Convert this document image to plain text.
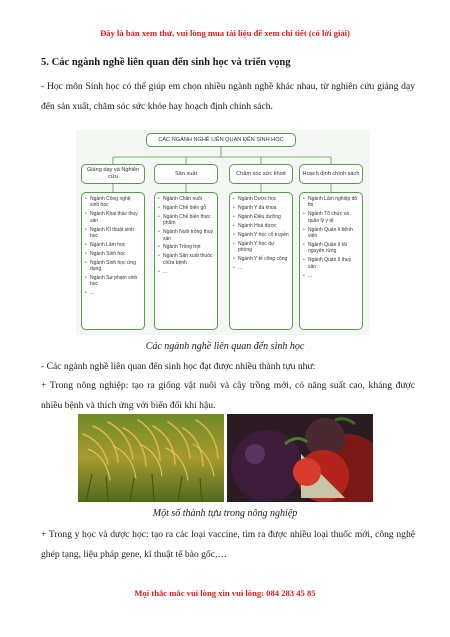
Đây là bản xem thử, vui lòng mua tài liệu để xem chi tiết (có lời giải)
5. Các ngành nghề liên quan đến sinh học và triển vọng
- Học môn Sinh học có thể giúp em chọn nhiều ngành nghề khác nhau, từ nghiên cứu giảng dạy đến sản xuất, chăm sóc sức khỏe hay hoạch định chính sách.
CÁC NGÀNH NGHỀ LIÊN QUAN ĐẾN SINH HỌC
Giảng dạy và Nghiên cứu
Sản xuất	Chăm sóc sức khoẻ	Hoạch định chính sách
• Ngành Công nghệ sinh học
• Ngành Khai thác thuỷ sản
• Ngành Kĩ thuật sinh học
• Ngành Lâm học
• Ngành Sinh học
• Ngành Sinh học ứng dụng
• Ngành Sư phạm sinh học
• ...
• Ngành Chăn nuôi
• Ngành Chế biến gỗ
• Ngành Chế biến thực phẩm
• Ngành Nuôi trồng thuỷ sản
• Ngành Trồng trọt
• Ngành Sản xuất thuốc chữa bệnh
• ...
• Ngành Dược học
• Ngành Y đa khoa
• Ngành Điều dưỡng
• Ngành Hoá dược
• Ngành Y học cổ truyền
• Ngành Y học dự phòng
• Ngành Y tế công cộng
• ...
• Ngành Lâm nghiệp đô thị
• Ngành Tổ chức và quản lý y tế
• Ngành Quản lí bệnh viện
• Ngành Quản lí tài nguyên rừng
• Ngành Quản lí thuỷ sản
• ...
Các ngành nghề liên quan đến sinh học
- Các ngành nghề liên quan đến sinh học đạt được nhiều thành tựu như:
+ Trong nông nghiệp: tạo ra giống vật nuôi và cây trồng mới, có năng suất cao, kháng được nhiều bệnh và thích ứng với biến đổi khí hậu.
Một số thành tựu trong nông nghiệp
+ Trong y học và dược học: tạo ra các loại vaccine, tìm ra được nhiều loại thuốc mới, công nghệ ghép tạng, liệu pháp gene, kĩ thuật tế bào gốc,…
Mọi thắc mắc vui lòng xin vui lòng: 084 283 45 85
